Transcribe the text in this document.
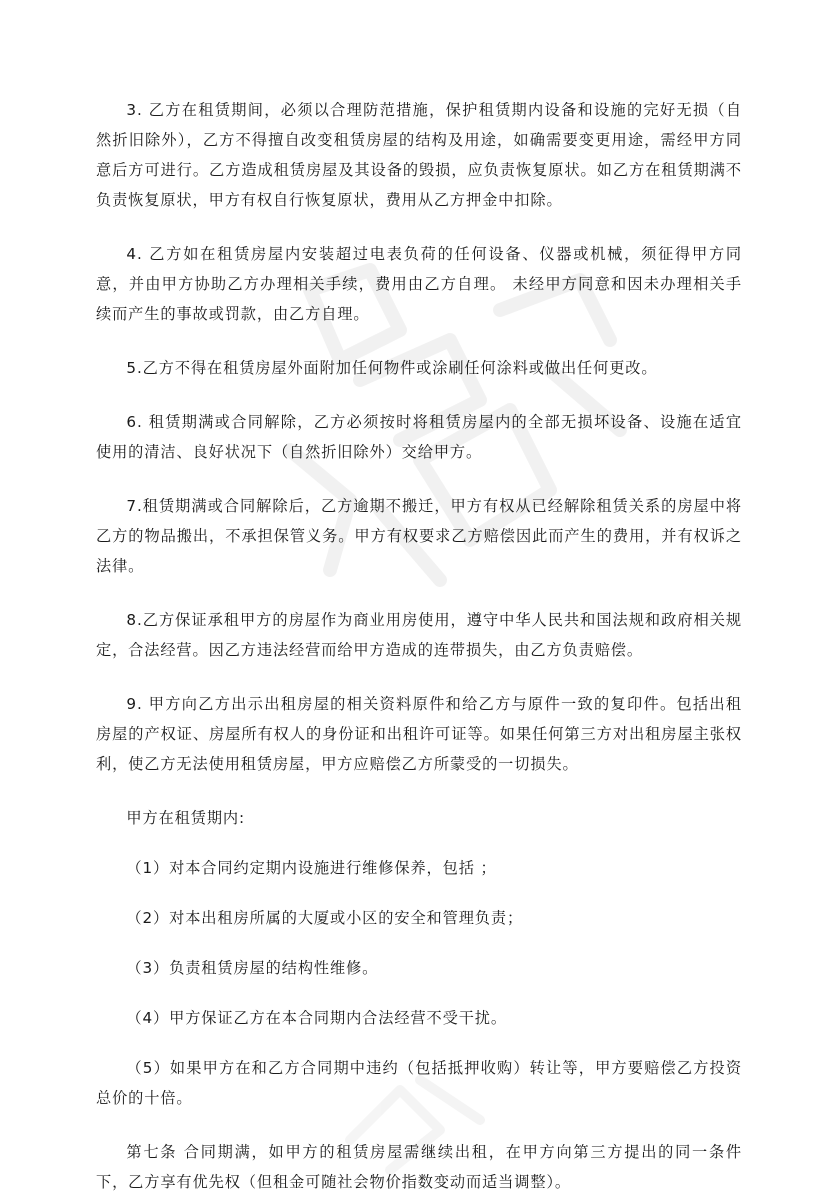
3. 乙方在租赁期间，必须以合理防范措施，保护租赁期内设备和设施的完好无损（自然折旧除外），乙方不得擅自改变租赁房屋的结构及用途，如确需要变更用途，需经甲方同意后方可进行。乙方造成租赁房屋及其设备的毁损，应负责恢复原状。如乙方在租赁期满不负责恢复原状，甲方有权自行恢复原状，费用从乙方押金中扣除。

4. 乙方如在租赁房屋内安装超过电表负荷的任何设备、仪器或机械，须征得甲方同意，并由甲方协助乙方办理相关手续，费用由乙方自理。 未经甲方同意和因未办理相关手续而产生的事故或罚款，由乙方自理。

5.乙方不得在租赁房屋外面附加任何物件或涂刷任何涂料或做出任何更改。

6. 租赁期满或合同解除，乙方必须按时将租赁房屋内的全部无损坏设备、设施在适宜使用的清洁、良好状况下（自然折旧除外）交给甲方。

7.租赁期满或合同解除后，乙方逾期不搬迁，甲方有权从已经解除租赁关系的房屋中将乙方的物品搬出，不承担保管义务。甲方有权要求乙方赔偿因此而产生的费用，并有权诉之法律。

8.乙方保证承租甲方的房屋作为商业用房使用，遵守中华人民共和国法规和政府相关规定，合法经营。因乙方违法经营而给甲方造成的连带损失，由乙方负责赔偿。

9. 甲方向乙方出示出租房屋的相关资料原件和给乙方与原件一致的复印件。包括出租房屋的产权证、房屋所有权人的身份证和出租许可证等。如果任何第三方对出租房屋主张权利，使乙方无法使用租赁房屋，甲方应赔偿乙方所蒙受的一切损失。

甲方在租赁期内:

（1）对本合同约定期内设施进行维修保养，包括 ；

（2）对本出租房所属的大厦或小区的安全和管理负责；

（3）负责租赁房屋的结构性维修。

（4）甲方保证乙方在本合同期内合法经营不受干扰。

（5）如果甲方在和乙方合同期中违约（包括抵押收购）转让等，甲方要赔偿乙方投资总价的十倍。

第七条 合同期满，如甲方的租赁房屋需继续出租，在甲方向第三方提出的同一条件下，乙方享有优先权（但租金可随社会物价指数变动而适当调整）。
